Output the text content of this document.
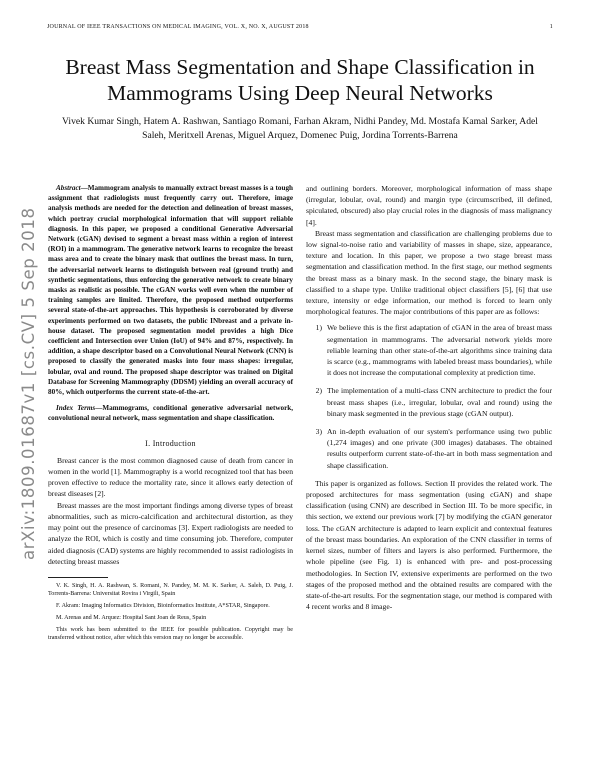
JOURNAL OF IEEE TRANSACTIONS ON MEDICAL IMAGING, VOL. X, NO. X, AUGUST 2018	1
Breast Mass Segmentation and Shape Classification in Mammograms Using Deep Neural Networks
Vivek Kumar Singh, Hatem A. Rashwan, Santiago Romani, Farhan Akram, Nidhi Pandey, Md. Mostafa Kamal Sarker, Adel Saleh, Meritxell Arenas, Miguel Arquez, Domenec Puig, Jordina Torrents-Barrena
arXiv:1809.01687v1 [cs.CV] 5 Sep 2018
Abstract—Mammogram analysis to manually extract breast masses is a tough assignment that radiologists must frequently carry out. Therefore, image analysis methods are needed for the detection and delineation of breast masses, which portray crucial morphological information that will support reliable diagnosis. In this paper, we proposed a conditional Generative Adversarial Network (cGAN) devised to segment a breast mass within a region of interest (ROI) in a mammogram. The generative network learns to recognize the breast mass area and to create the binary mask that outlines the breast mass. In turn, the adversarial network learns to distinguish between real (ground truth) and synthetic segmentations, thus enforcing the generative network to create binary masks as realistic as possible. The cGAN works well even when the number of training samples are limited. Therefore, the proposed method outperforms several state-of-the-art approaches. This hypothesis is corroborated by diverse experiments performed on two datasets, the public INbreast and a private in-house dataset. The proposed segmentation model provides a high Dice coefficient and Intersection over Union (IoU) of 94% and 87%, respectively. In addition, a shape descriptor based on a Convolutional Neural Network (CNN) is proposed to classify the generated masks into four mass shapes: irregular, lobular, oval and round. The proposed shape descriptor was trained on Digital Database for Screening Mammography (DDSM) yielding an overall accuracy of 80%, which outperforms the current state-of-the-art.
Index Terms—Mammograms, conditional generative adversarial network, convolutional neural network, mass segmentation and shape classification.
I. Introduction

Breast cancer is the most common diagnosed cause of death from cancer in women in the world [1]. Mammography is a world recognized tool that has been proven effective to reduce the mortality rate, since it allows early detection of breast diseases [2].

Breast masses are the most important findings among diverse types of breast abnormalities, such as micro-calcification and architectural distortion, as they may point out the presence of carcinomas [3]. Expert radiologists are needed to analyze the ROI, which is costly and time consuming job. Therefore, computer aided diagnosis (CAD) systems are highly recommended to assist radiologists in detecting breast masses

V. K. Singh, H. A. Rashwan, S. Romani, N. Pandey, M. M. K. Sarker, A. Saleh, D. Puig, J. Torrents-Barrena: Universitat Rovira i Virgili, Spain
F. Akram: Imaging Informatics Division, Bioinformatics Institute, A*STAR, Singapore.
M. Arenas and M. Arquez: Hospital Sant Joan de Reus, Spain
This work has been submitted to the IEEE for possible publication. Copyright may be transferred without notice, after which this version may no longer be accessible.

and outlining borders. Moreover, morphological information of mass shape (irregular, lobular, oval, round) and margin type (circumscribed, ill defined, spiculated, obscured) also play crucial roles in the diagnosis of mass malignancy [4].

Breast mass segmentation and classification are challenging problems due to low signal-to-noise ratio and variability of masses in shape, size, appearance, texture and location. In this paper, we propose a two stage breast mass segmentation and classification method. In the first stage, our method segments the breast mass as a binary mask. In the second stage, the binary mask is classified to a shape type. Unlike traditional object classifiers [5], [6] that use texture, intensity or edge information, our method is forced to learn only morphological features. The major contributions of this paper are as follows:

1) We believe this is the first adaptation of cGAN in the area of breast mass segmentation in mammograms. The adversarial network yields more reliable learning than other state-of-the-art algorithms since training data is scarce (e.g., mammograms with labeled breast mass boundaries), while it does not increase the computational complexity at prediction time.
2) The implementation of a multi-class CNN architecture to predict the four breast mass shapes (i.e., irregular, lobular, oval and round) using the binary mask segmented in the previous stage (cGAN output).
3) An in-depth evaluation of our system's performance using two public (1,274 images) and one private (300 images) databases. The obtained results outperform current state-of-the-art in both mass segmentation and shape classification.

This paper is organized as follows. Section II provides the related work. The proposed architectures for mass segmentation (using cGAN) and shape classification (using CNN) are described in Section III. To be more specific, in this section, we extend our previous work [7] by modifying the cGAN generator loss. The cGAN architecture is adapted to learn explicit and contextual features of the breast mass boundaries. An exploration of the CNN classifier in terms of kernel sizes, number of filters and layers is also performed. Furthermore, the whole pipeline (see Fig. 1) is enhanced with pre- and post-processing methodologies. In Section IV, extensive experiments are performed on the two stages of the proposed method and the obtained results are compared with the state-of-the-art results. For the segmentation stage, our method is compared with 4 recent works and 8 image-
